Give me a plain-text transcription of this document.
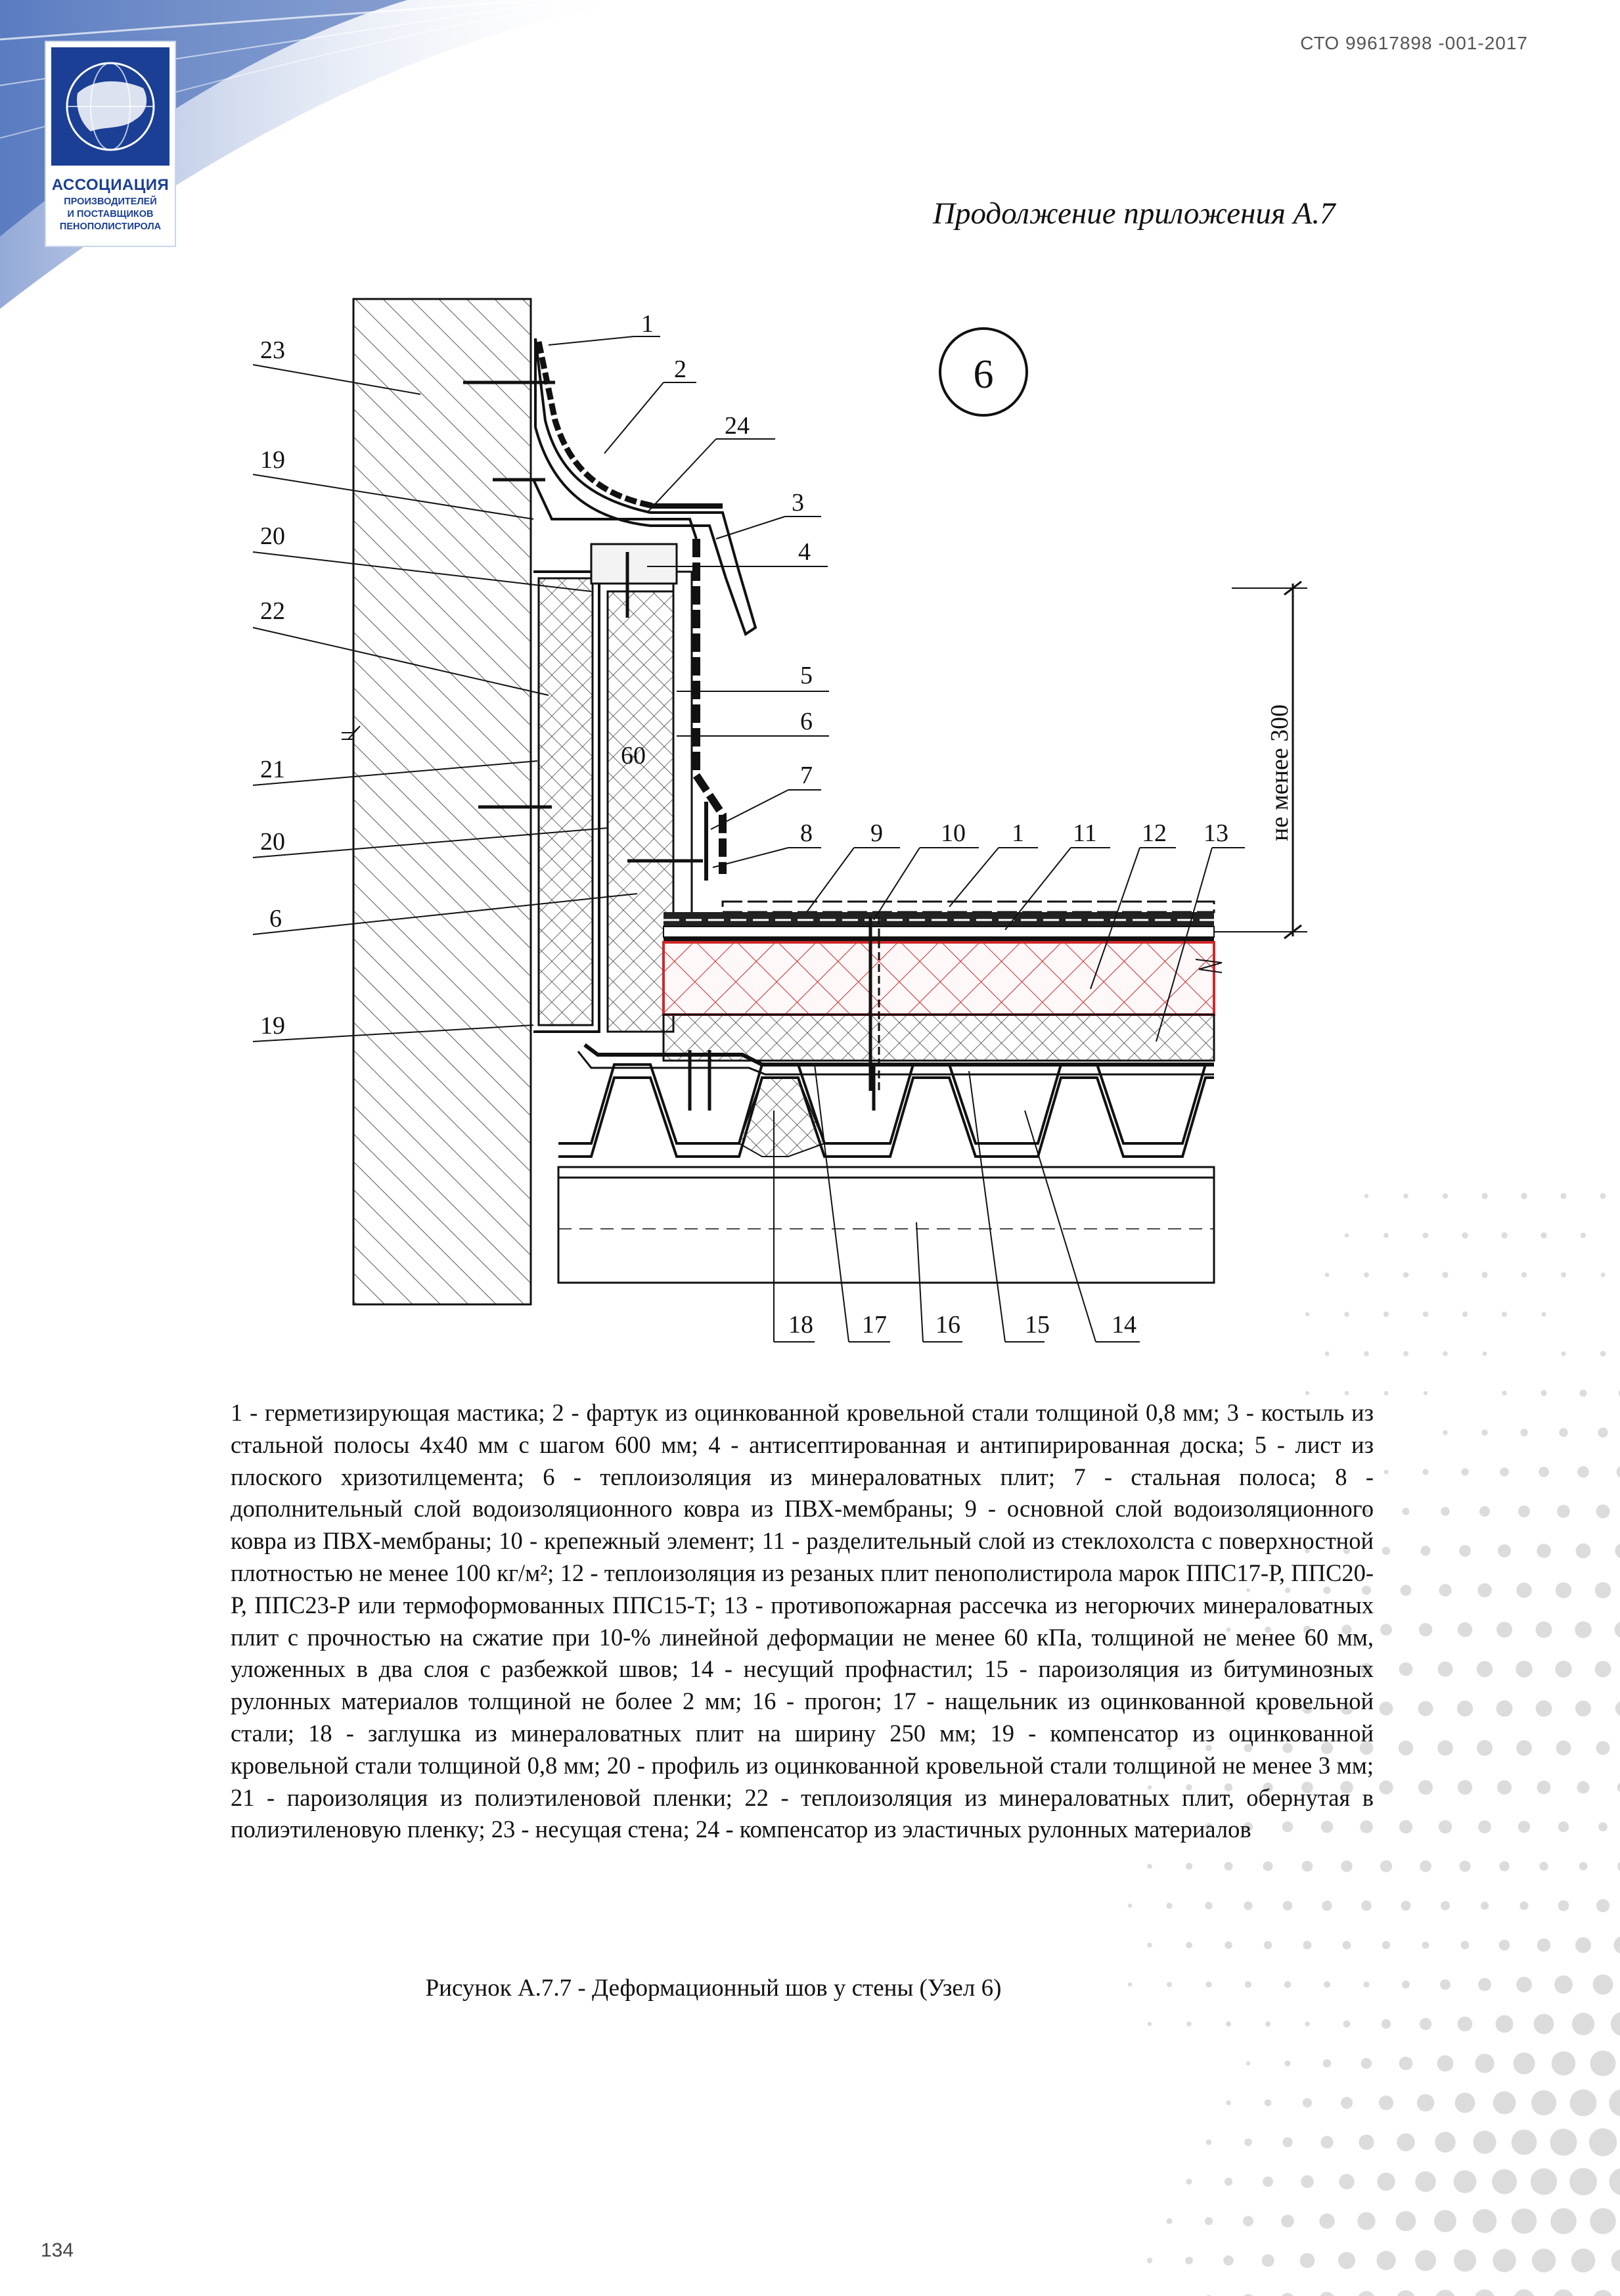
АССОЦИАЦИЯ
ПРОИЗВОДИТЕЛЕЙ
И ПОСТАВЩИКОВ
ПЕНОПОЛИСТИРОЛА
СТО 99617898 -001-2017
Продолжение приложения А.7
6
не менее 300
60
23
19
20
22
21
20
6
19
1
2
24
3
4
5
6
7
8 9 10 1 11 12 13
18 17 16	15 14
1 - герметизирующая мастика; 2 - фартук из оцинкованной кровельной стали толщиной 0,8 мм; 3 - костыль из стальной полосы 4х40 мм с шагом 600 мм; 4 - антисептированная и антипирированная доска; 5 - лист из плоского хризотилцемента; 6 - теплоизоляция из минераловатных плит; 7 - стальная полоса; 8 - дополнительный слой водоизоляционного ковра из ПВХ-мембраны; 9 - основной слой водоизоляционного ковра из ПВХ-мембраны; 10 - крепежный элемент; 11 - разделительный слой из стеклохолста с поверхностной плотностью не менее 100 кг/м²; 12 - теплоизоляция из резаных плит пенополистирола марок ППС17-Р, ППС20-Р, ППС23-Р или термоформованных ППС15-Т; 13 - противопожарная рассечка из негорючих минераловатных плит с прочностью на сжатие при 10-% линейной деформации не менее 60 кПа, толщиной не менее 60 мм, уложенных в два слоя с разбежкой швов; 14 - несущий профнастил; 15 - пароизоляция из битуминозных рулонных материалов толщиной не более 2 мм; 16 - прогон; 17 - нащельник из оцинкованной кровельной стали; 18 - заглушка из минераловатных плит на ширину 250 мм; 19 - компенсатор из оцинкованной кровельной стали толщиной 0,8 мм; 20 - профиль из оцинкованной кровельной стали толщиной не менее 3 мм; 21 - пароизоляция из полиэтиленовой пленки; 22 - теплоизоляция из минераловатных плит, обернутая в полиэтиленовую пленку; 23 - несущая стена; 24 - компенсатор из эластичных рулонных материалов
Рисунок А.7.7 - Деформационный шов у стены (Узел 6)
134
